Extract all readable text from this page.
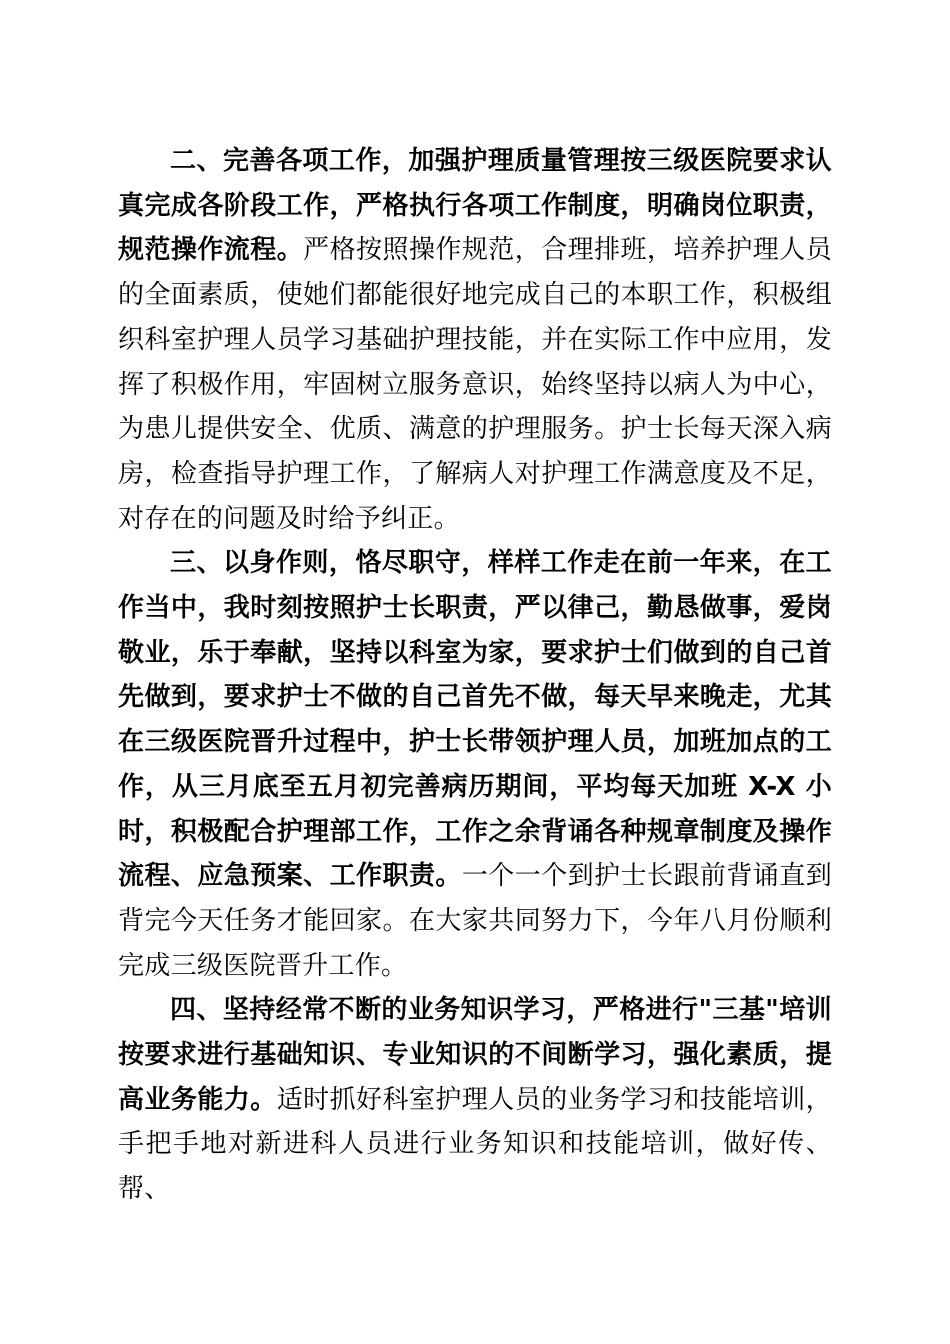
二、完善各项工作，加强护理质量管理按三级医院要求认真完成各阶段工作，严格执行各项工作制度，明确岗位职责，规范操作流程。严格按照操作规范，合理排班，培养护理人员的全面素质，使她们都能很好地完成自己的本职工作，积极组织科室护理人员学习基础护理技能，并在实际工作中应用，发挥了积极作用，牢固树立服务意识，始终坚持以病人为中心，为患儿提供安全、优质、满意的护理服务。护士长每天深入病房，检查指导护理工作，了解病人对护理工作满意度及不足，对存在的问题及时给予纠正。

三、以身作则，恪尽职守，样样工作走在前一年来，在工作当中，我时刻按照护士长职责，严以律己，勤恳做事，爱岗敬业，乐于奉献，坚持以科室为家，要求护士们做到的自己首先做到，要求护士不做的自己首先不做，每天早来晚走，尤其在三级医院晋升过程中，护士长带领护理人员，加班加点的工作，从三月底至五月初完善病历期间，平均每天加班 X-X 小时，积极配合护理部工作，工作之余背诵各种规章制度及操作流程、应急预案、工作职责。一个一个到护士长跟前背诵直到背完今天任务才能回家。在大家共同努力下，今年八月份顺利完成三级医院晋升工作。

四、坚持经常不断的业务知识学习，严格进行"三基"培训按要求进行基础知识、专业知识的不间断学习，强化素质，提高业务能力。适时抓好科室护理人员的业务学习和技能培训，手把手地对新进科人员进行业务知识和技能培训，做好传、帮、
